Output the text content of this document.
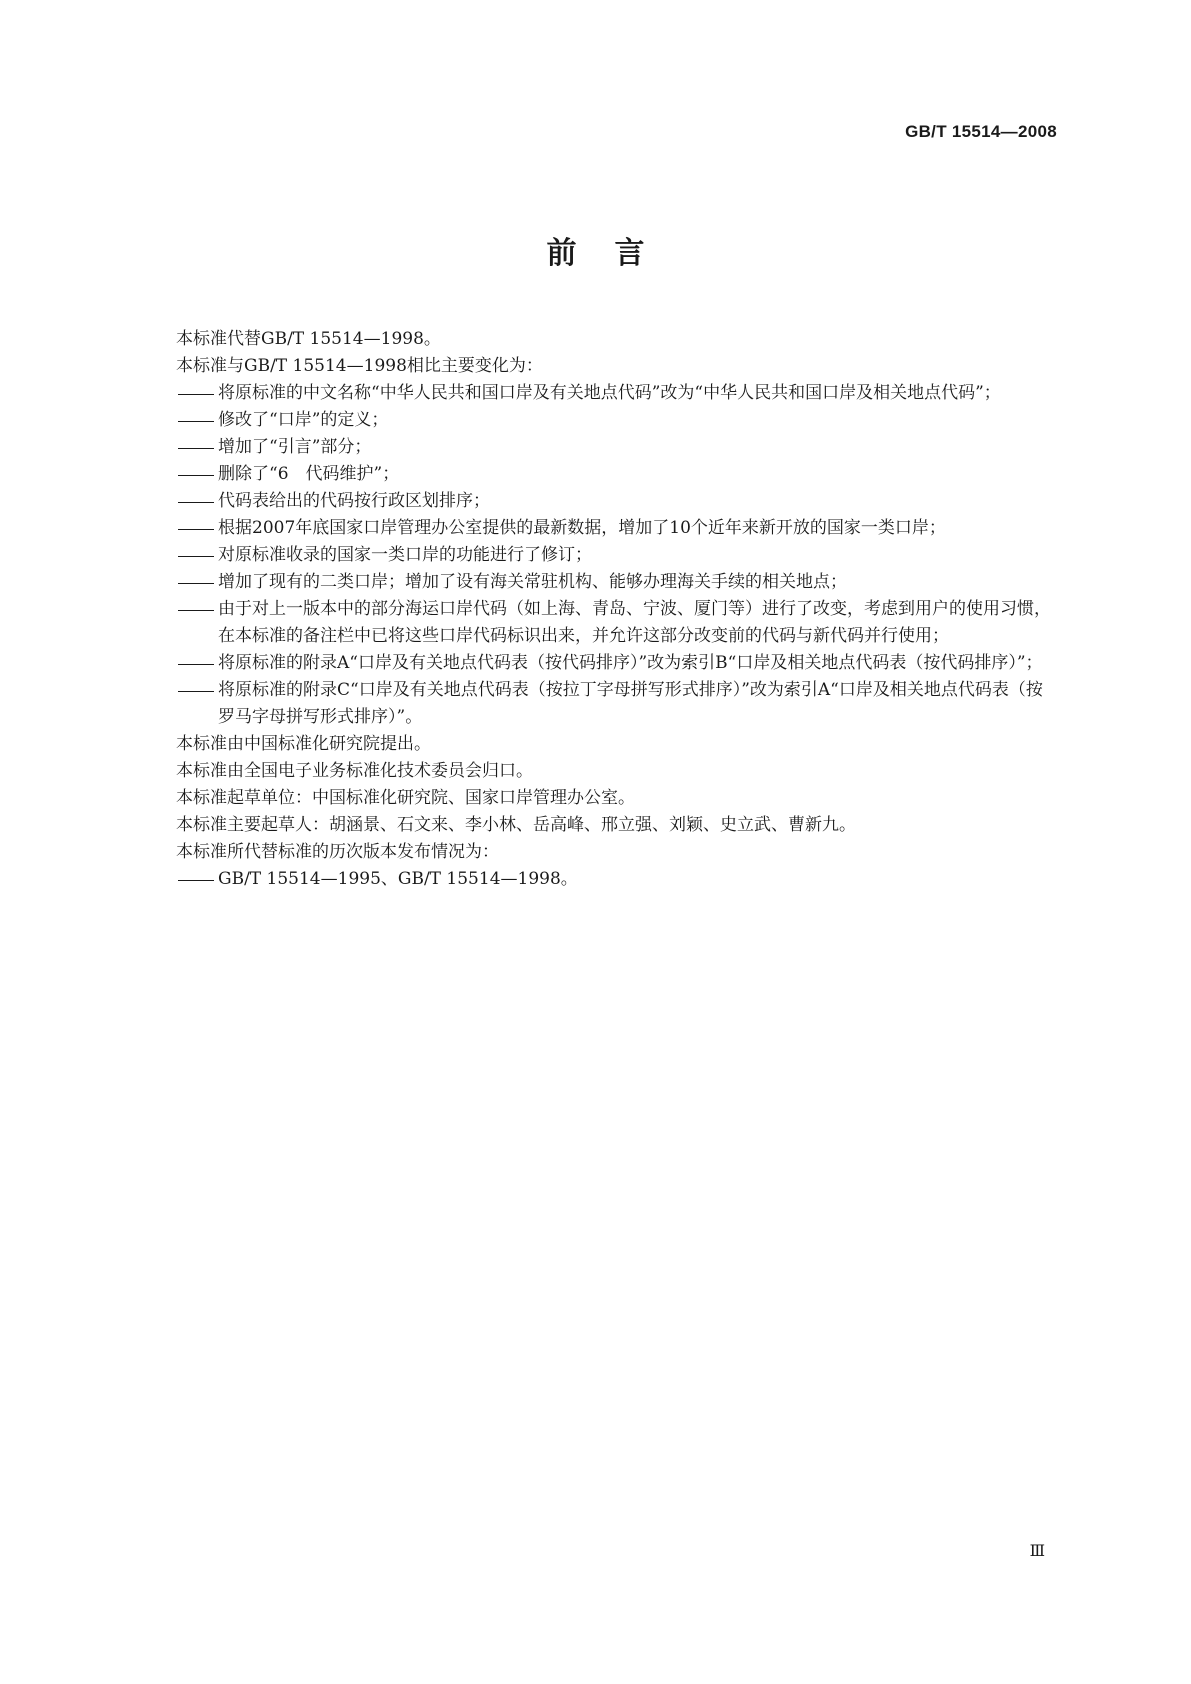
GB/T 15514—2008
前言

本标准代替GB/T 15514—1998。

本标准与GB/T 15514—1998相比主要变化为：

将原标准的中文名称“中华人民共和国口岸及有关地点代码”改为“中华人民共和国口岸及相关地点代码”；
修改了“口岸”的定义；
增加了“引言”部分；
删除了“6　代码维护”；
代码表给出的代码按行政区划排序；
根据2007年底国家口岸管理办公室提供的最新数据，增加了10个近年来新开放的国家一类口岸；
对原标准收录的国家一类口岸的功能进行了修订；
增加了现有的二类口岸；增加了设有海关常驻机构、能够办理海关手续的相关地点；
由于对上一版本中的部分海运口岸代码（如上海、青岛、宁波、厦门等）进行了改变，考虑到用户的使用习惯，在本标准的备注栏中已将这些口岸代码标识出来，并允许这部分改变前的代码与新代码并行使用；
将原标准的附录A“口岸及有关地点代码表（按代码排序）”改为索引B“口岸及相关地点代码表（按代码排序）”；
将原标准的附录C“口岸及有关地点代码表（按拉丁字母拼写形式排序）”改为索引A“口岸及相关地点代码表（按罗马字母拼写形式排序）”。

本标准由中国标准化研究院提出。

本标准由全国电子业务标准化技术委员会归口。

本标准起草单位：中国标准化研究院、国家口岸管理办公室。

本标准主要起草人：胡涵景、石文来、李小林、岳高峰、邢立强、刘颖、史立武、曹新九。

本标准所代替标准的历次版本发布情况为：

GB/T 15514—1995、GB/T 15514—1998。
Ⅲ
